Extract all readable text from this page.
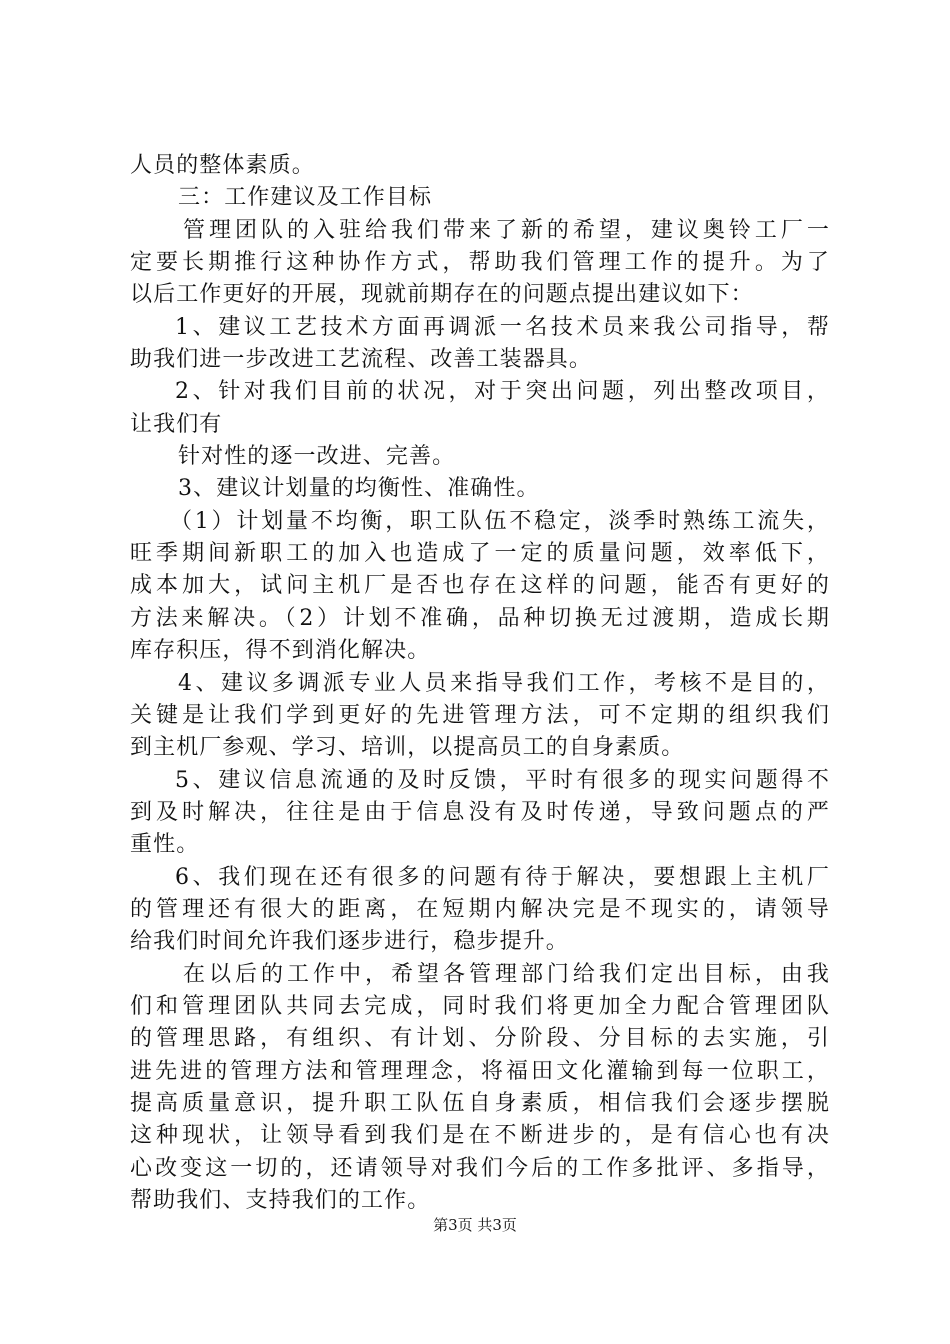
人员的整体素质。
三：工作建议及工作目标
管理团队的入驻给我们带来了新的希望，建议奥铃工厂一
定要长期推行这种协作方式，帮助我们管理工作的提升。为了
以后工作更好的开展，现就前期存在的问题点提出建议如下：
1、建议工艺技术方面再调派一名技术员来我公司指导，帮
助我们进一步改进工艺流程、改善工装器具。
2、针对我们目前的状况，对于突出问题，列出整改项目，
让我们有
针对性的逐一改进、完善。
3、建议计划量的均衡性、准确性。
（1）计划量不均衡，职工队伍不稳定，淡季时熟练工流失，
旺季期间新职工的加入也造成了一定的质量问题，效率低下，
成本加大，试问主机厂是否也存在这样的问题，能否有更好的
方法来解决。（2）计划不准确，品种切换无过渡期，造成长期
库存积压，得不到消化解决。
4、建议多调派专业人员来指导我们工作，考核不是目的，
关键是让我们学到更好的先进管理方法，可不定期的组织我们
到主机厂参观、学习、培训，以提高员工的自身素质。
5、建议信息流通的及时反馈，平时有很多的现实问题得不
到及时解决，往往是由于信息没有及时传递，导致问题点的严
重性。
6、我们现在还有很多的问题有待于解决，要想跟上主机厂
的管理还有很大的距离，在短期内解决完是不现实的，请领导
给我们时间允许我们逐步进行，稳步提升。
在以后的工作中，希望各管理部门给我们定出目标，由我
们和管理团队共同去完成，同时我们将更加全力配合管理团队
的管理思路，有组织、有计划、分阶段、分目标的去实施，引
进先进的管理方法和管理理念，将福田文化灌输到每一位职工，
提高质量意识，提升职工队伍自身素质，相信我们会逐步摆脱
这种现状，让领导看到我们是在不断进步的，是有信心也有决
心改变这一切的，还请领导对我们今后的工作多批评、多指导，
帮助我们、支持我们的工作。
第3页 共3页
